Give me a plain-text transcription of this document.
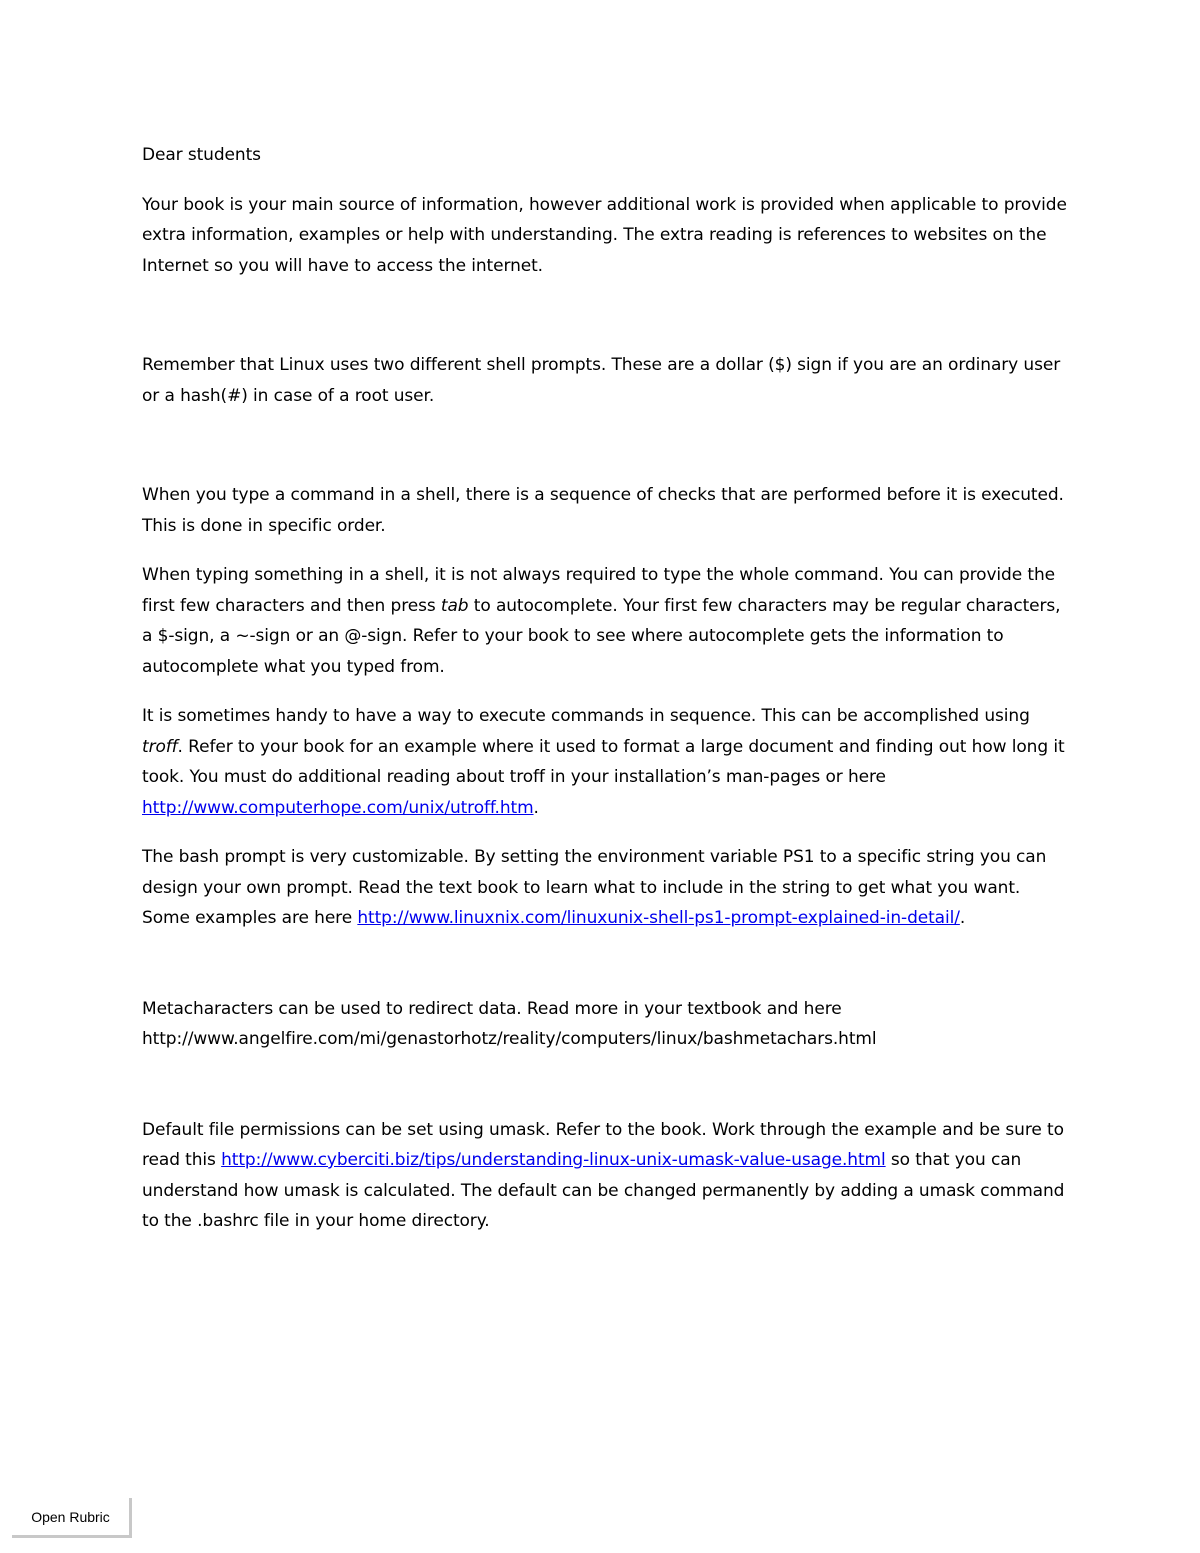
Dear students

Your book is your main source of information, however additional work is provided when applicable to provide extra information, examples or help with understanding. The extra reading is references to websites on the Internet so you will have to access the internet.

Remember that Linux uses two different shell prompts. These are a dollar ($) sign if you are an ordinary user or a hash(#) in case of a root user.

When you type a command in a shell, there is a sequence of checks that are performed before it is executed. This is done in specific order.

When typing something in a shell, it is not always required to type the whole command. You can provide the first few characters and then press tab to autocomplete. Your first few characters may be regular characters, a $-sign, a ~-sign or an @-sign. Refer to your book to see where autocomplete gets the information to autocomplete what you typed from.

It is sometimes handy to have a way to execute commands in sequence. This can be accomplished using troff. Refer to your book for an example where it used to format a large document and finding out how long it took. You must do additional reading about troff in your installation’s man-pages or here http://www.computerhope.com/unix/utroff.htm.

The bash prompt is very customizable. By setting the environment variable PS1 to a specific string you can design your own prompt. Read the text book to learn what to include in the string to get what you want. Some examples are here http://www.linuxnix.com/linuxunix-shell-ps1-prompt-explained-in-detail/.

Metacharacters can be used to redirect data. Read more in your textbook and here http://www.angelfire.com/mi/genastorhotz/reality/computers/linux/bashmetachars.html

Default file permissions can be set using umask. Refer to the book. Work through the example and be sure to read this http://www.cyberciti.biz/tips/understanding-linux-unix-umask-value-usage.html so that you can understand how umask is calculated. The default can be changed permanently by adding a umask command to the .bashrc file in your home directory.

Open Rubric
